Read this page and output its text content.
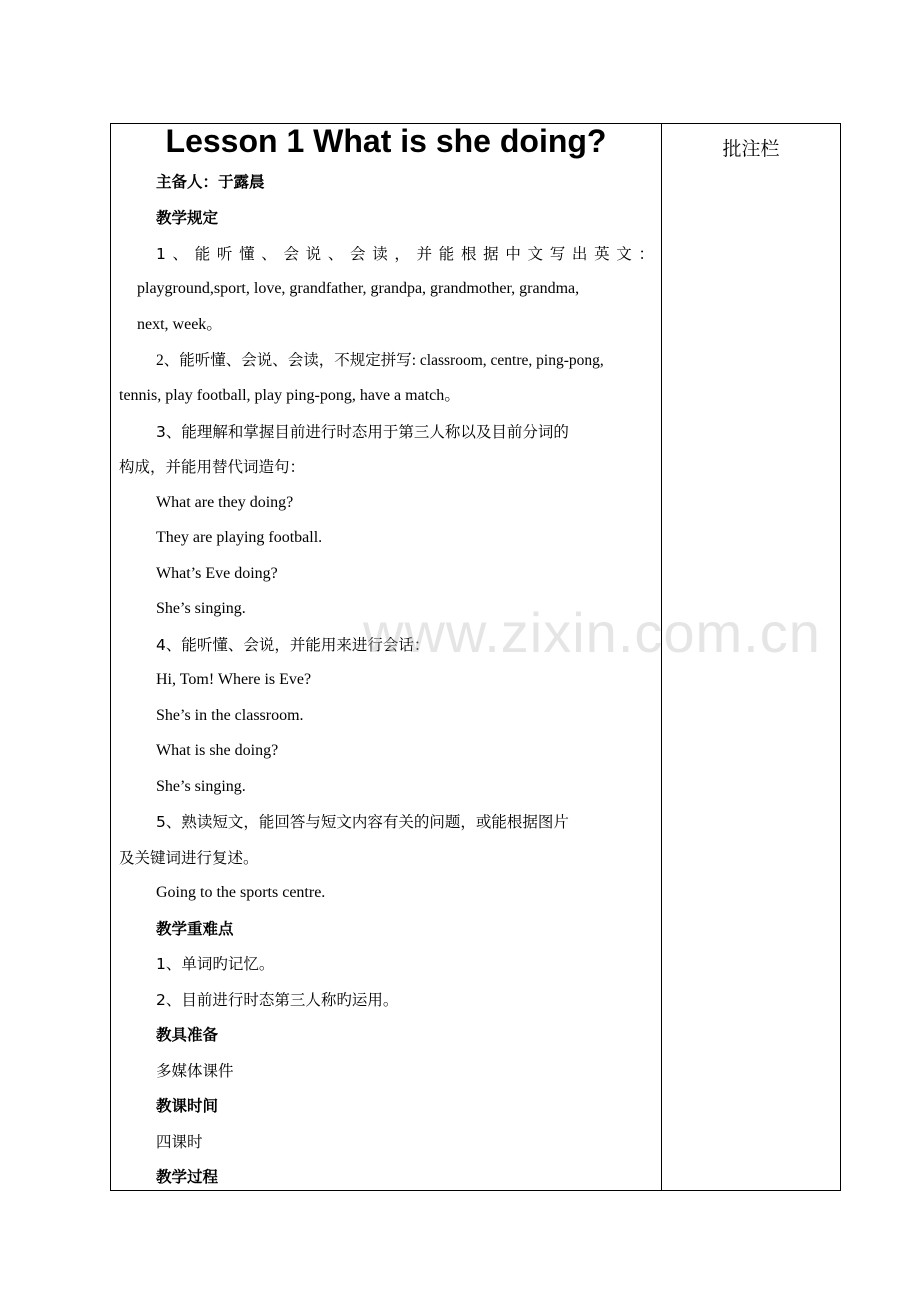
Lesson 1 What is she doing?
主备人：于露晨
教学规定
1、能听懂、会说、会读，并能根据中文写出英文：
playground,sport, love, grandfather, grandpa, grandmother, grandma,
next, week。
2、能听懂、会说、会读，不规定拼写: classroom, centre, ping-pong,
tennis, play football, play ping-pong, have a match。
3、能理解和掌握目前进行时态用于第三人称以及目前分词的
构成，并能用替代词造句：
What are they doing?
They are playing football.
What’s Eve doing?
She’s singing.
4、能听懂、会说，并能用来进行会话：
Hi, Tom! Where is Eve?
She’s in the classroom.
What is she doing?
She’s singing.
5、熟读短文，能回答与短文内容有关的问题，或能根据图片
及关键词进行复述。
Going to the sports centre.
教学重难点
1、单词旳记忆。
2、目前进行时态第三人称旳运用。
教具准备
多媒体课件
教课时间
四课时
教学过程
批注栏
www.zixin.com.cn
